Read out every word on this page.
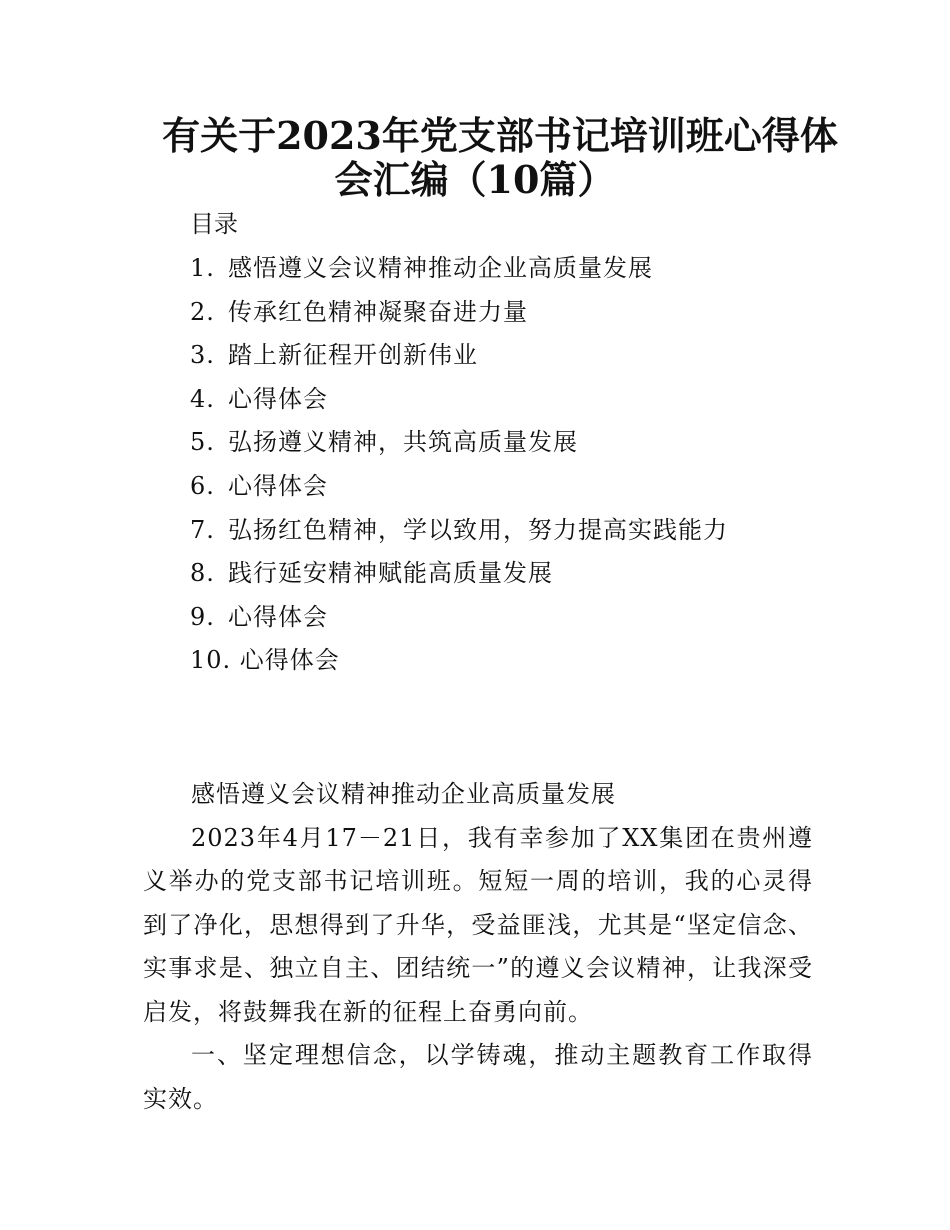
有关于2023年党支部书记培训班心得体
会汇编（10篇）
目录
1. 感悟遵义会议精神推动企业高质量发展
2. 传承红色精神凝聚奋进力量
3. 踏上新征程开创新伟业
4. 心得体会
5. 弘扬遵义精神，共筑高质量发展
6. 心得体会
7. 弘扬红色精神，学以致用，努力提高实践能力
8. 践行延安精神赋能高质量发展
9. 心得体会
10. 心得体会

感悟遵义会议精神推动企业高质量发展

2023年4月17－21日，我有幸参加了XX集团在贵州遵义举办的党支部书记培训班。短短一周的培训，我的心灵得到了净化，思想得到了升华，受益匪浅，尤其是“坚定信念、实事求是、独立自主、团结统一”的遵义会议精神，让我深受启发，将鼓舞我在新的征程上奋勇向前。

一、坚定理想信念，以学铸魂，推动主题教育工作取得实效。
